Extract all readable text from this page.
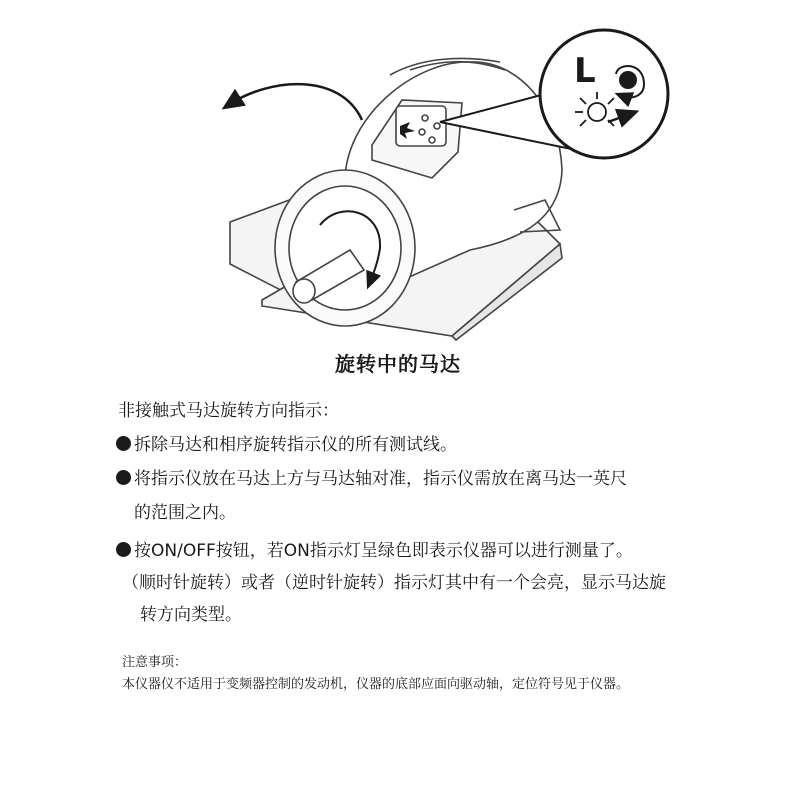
L
旋转中的马达
非接触式马达旋转方向指示：
拆除马达和相序旋转指示仪的所有测试线。
将指示仪放在马达上方与马达轴对准，指示仪需放在离马达一英尺
的范围之内。
按ON/OFF按钮，若ON指示灯呈绿色即表示仪器可以进行测量了。
（顺时针旋转）或者（逆时针旋转）指示灯其中有一个会亮，显示马达旋
转方向类型。
注意事项：
本仪器仪不适用于变频器控制的发动机，仪器的底部应面向驱动轴，定位符号见于仪器。
